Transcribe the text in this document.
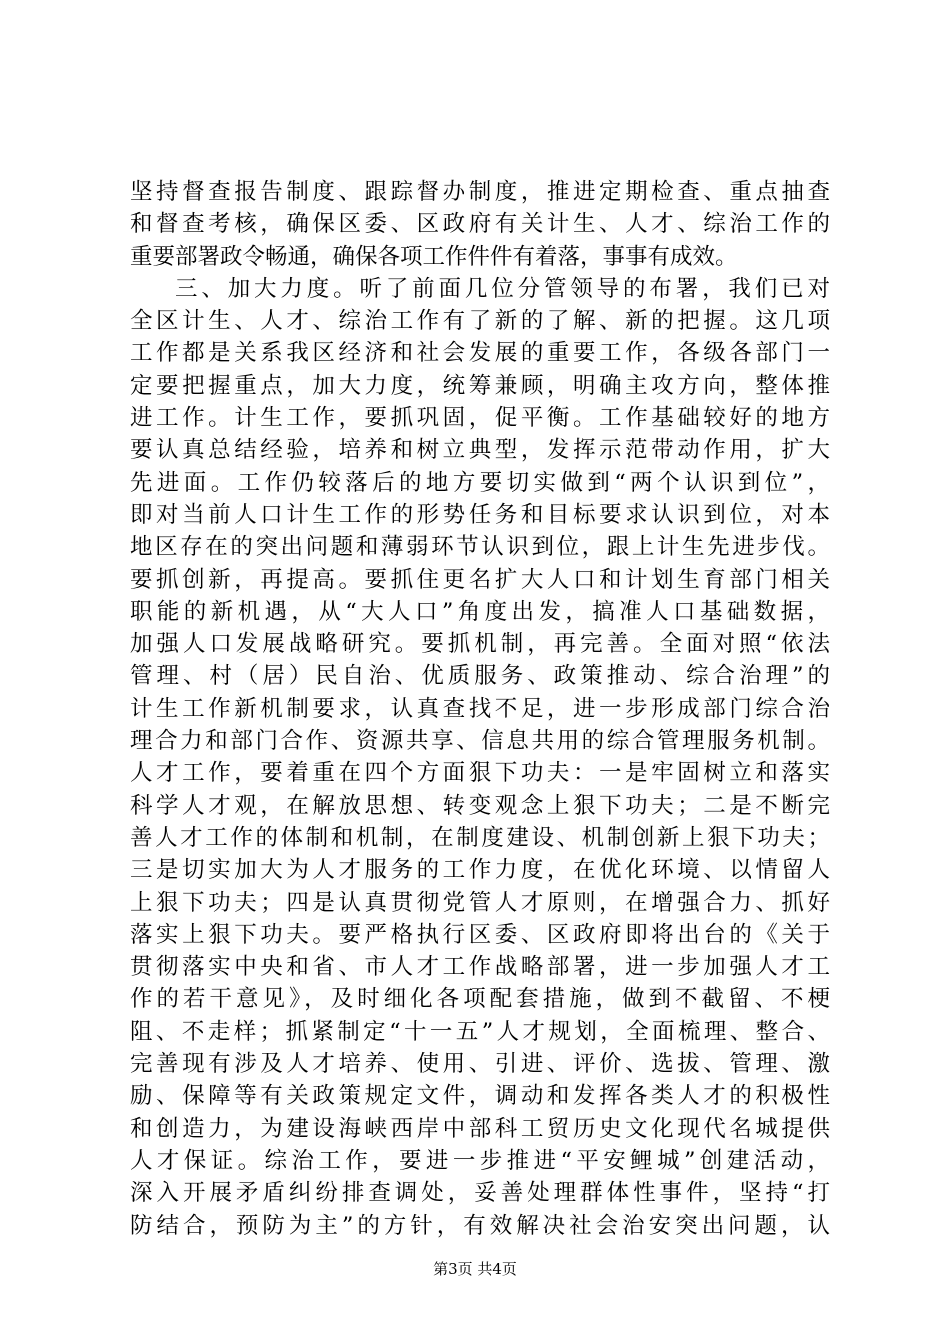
坚持督查报告制度、跟踪督办制度，推进定期检查、重点抽查
和督查考核，确保区委、区政府有关计生、人才、综治工作的
重要部署政令畅通，确保各项工作件件有着落，事事有成效。
三、加大力度。听了前面几位分管领导的布署，我们已对
全区计生、人才、综治工作有了新的了解、新的把握。这几项
工作都是关系我区经济和社会发展的重要工作，各级各部门一
定要把握重点，加大力度，统筹兼顾，明确主攻方向，整体推
进工作。计生工作，要抓巩固，促平衡。工作基础较好的地方
要认真总结经验，培养和树立典型，发挥示范带动作用，扩大
先进面。工作仍较落后的地方要切实做到“两个认识到位”，
即对当前人口计生工作的形势任务和目标要求认识到位，对本
地区存在的突出问题和薄弱环节认识到位，跟上计生先进步伐。
要抓创新，再提高。要抓住更名扩大人口和计划生育部门相关
职能的新机遇，从“大人口”角度出发，搞准人口基础数据，
加强人口发展战略研究。要抓机制，再完善。全面对照“依法
管理、村（居）民自治、优质服务、政策推动、综合治理”的
计生工作新机制要求，认真查找不足，进一步形成部门综合治
理合力和部门合作、资源共享、信息共用的综合管理服务机制。
人才工作，要着重在四个方面狠下功夫：一是牢固树立和落实
科学人才观，在解放思想、转变观念上狠下功夫；二是不断完
善人才工作的体制和机制，在制度建设、机制创新上狠下功夫；
三是切实加大为人才服务的工作力度，在优化环境、以情留人
上狠下功夫；四是认真贯彻党管人才原则，在增强合力、抓好
落实上狠下功夫。要严格执行区委、区政府即将出台的《关于
贯彻落实中央和省、市人才工作战略部署，进一步加强人才工
作的若干意见》，及时细化各项配套措施，做到不截留、不梗
阻、不走样；抓紧制定“十一五”人才规划，全面梳理、整合、
完善现有涉及人才培养、使用、引进、评价、选拔、管理、激
励、保障等有关政策规定文件，调动和发挥各类人才的积极性
和创造力，为建设海峡西岸中部科工贸历史文化现代名城提供
人才保证。综治工作，要进一步推进“平安鲤城”创建活动，
深入开展矛盾纠纷排查调处，妥善处理群体性事件，坚持“打
防结合，预防为主”的方针，有效解决社会治安突出问题，认
第3页 共4页
